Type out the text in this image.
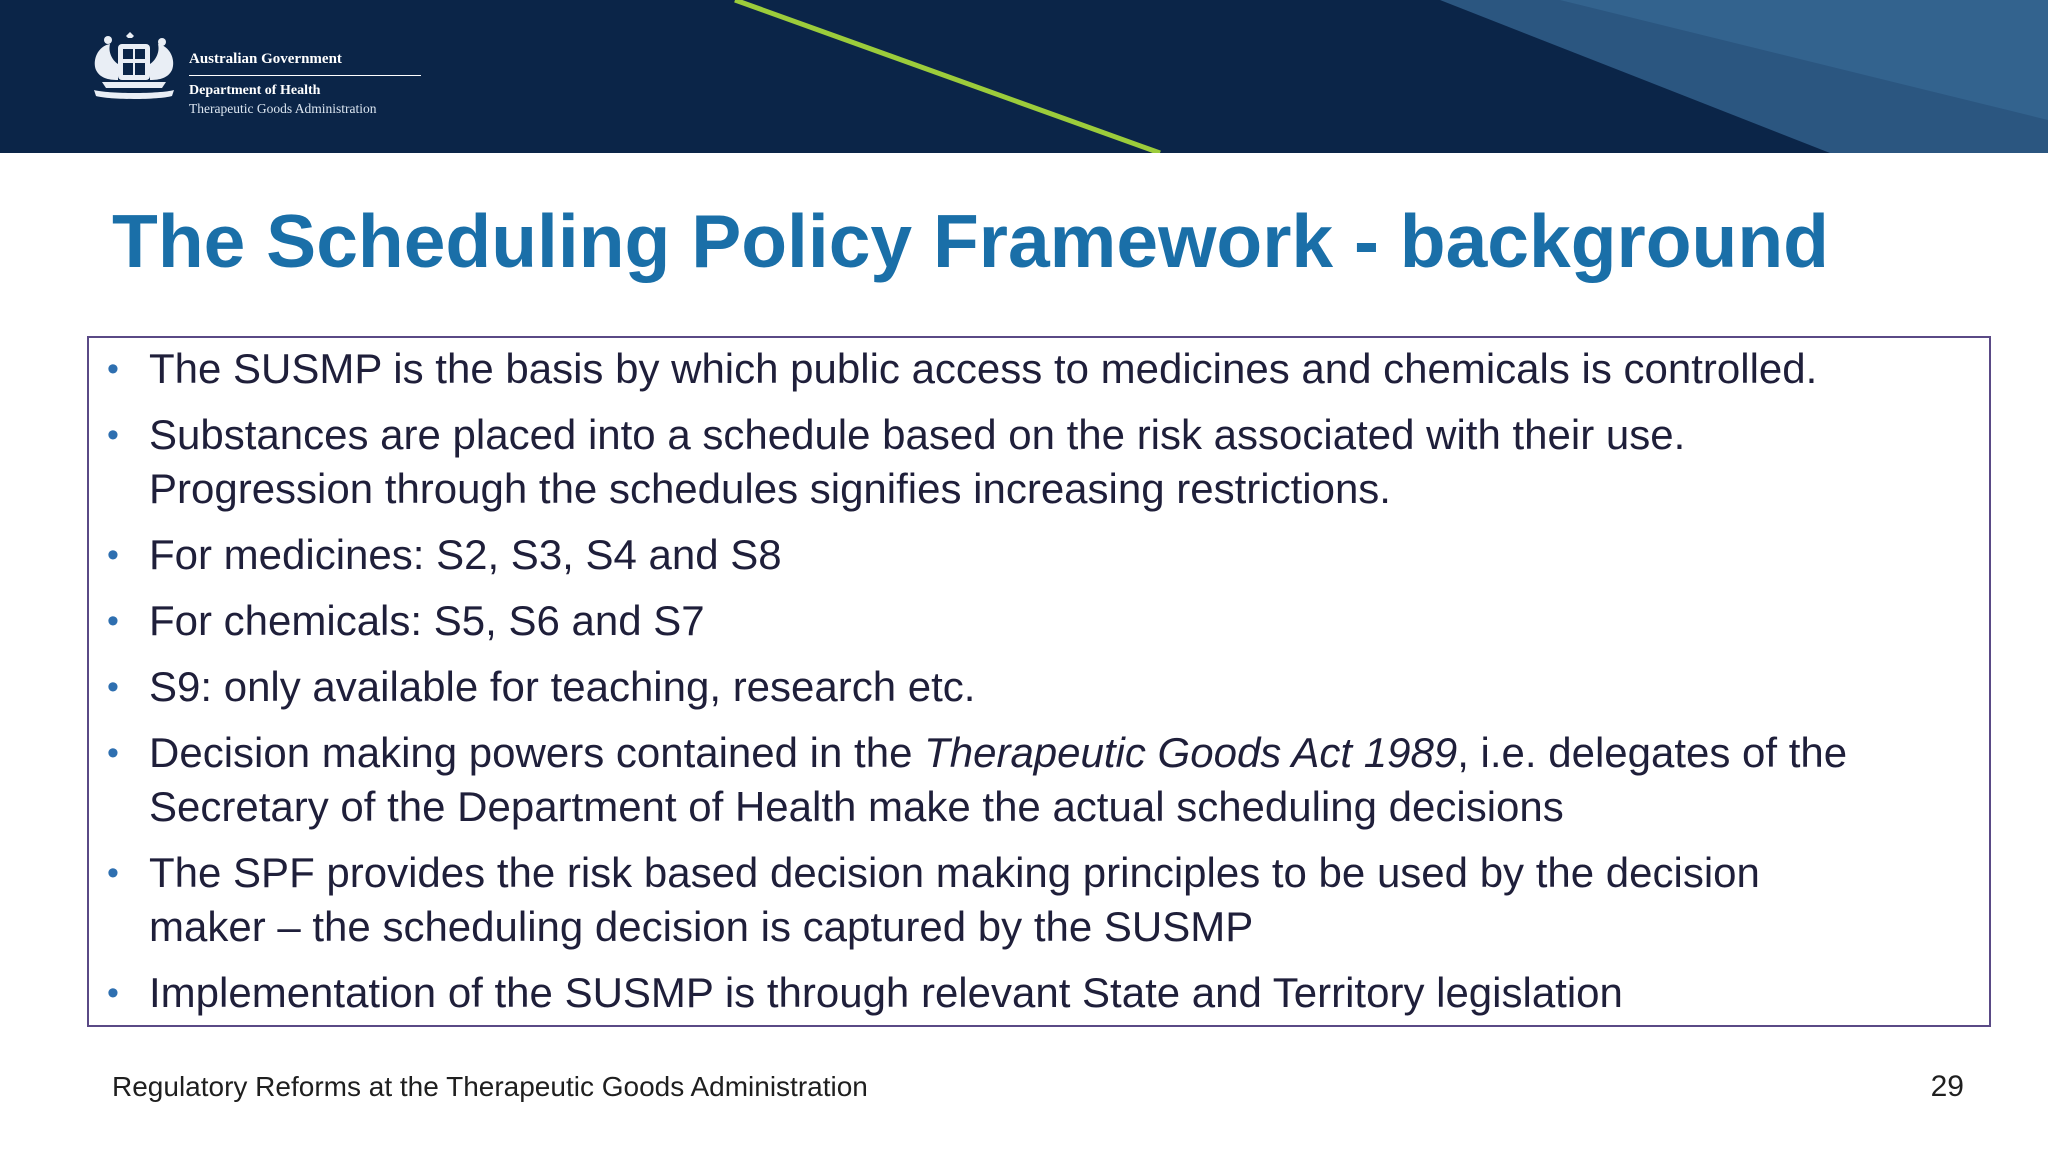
Australian Government
Department of Health
Therapeutic Goods Administration
The Scheduling Policy Framework - background
• The SUSMP is the basis by which public access to medicines and chemicals is controlled.
• Substances are placed into a schedule based on the risk associated with their use.
Progression through the schedules signifies increasing restrictions.
• For medicines: S2, S3, S4 and S8
• For chemicals: S5, S6 and S7
• S9: only available for teaching, research etc.
• Decision making powers contained in the Therapeutic Goods Act 1989, i.e. delegates of the
Secretary of the Department of Health make the actual scheduling decisions
• The SPF provides the risk based decision making principles to be used by the decision
maker – the scheduling decision is captured by the SUSMP
• Implementation of the SUSMP is through relevant State and Territory legislation
Regulatory Reforms at the Therapeutic Goods Administration	29
